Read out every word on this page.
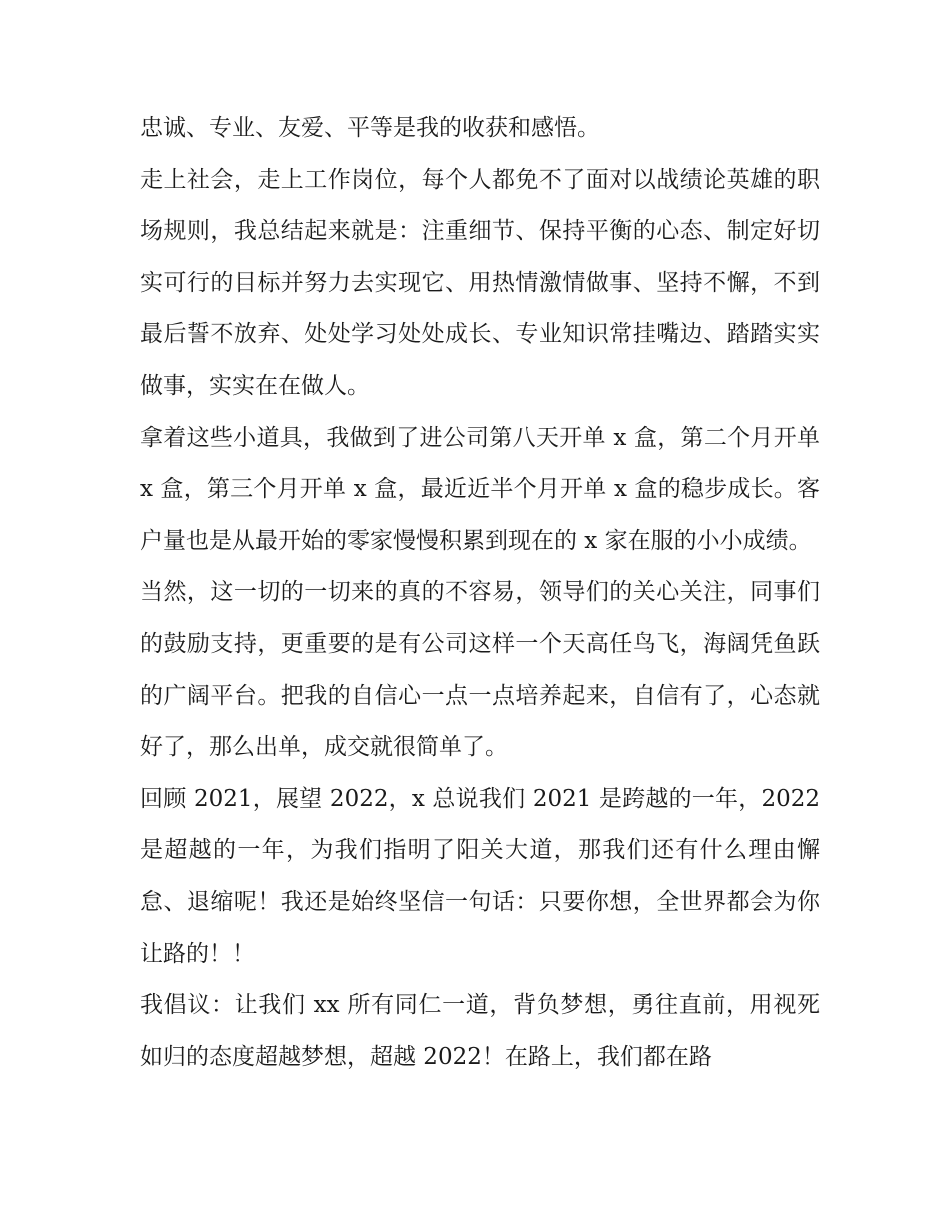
忠诚、专业、友爱、平等是我的收获和感悟。

走上社会，走上工作岗位，每个人都免不了面对以战绩论英雄的职场规则，我总结起来就是：注重细节、保持平衡的心态、制定好切实可行的目标并努力去实现它、用热情激情做事、坚持不懈，不到最后誓不放弃、处处学习处处成长、专业知识常挂嘴边、踏踏实实做事，实实在在做人。

拿着这些小道具，我做到了进公司第八天开单 x 盒，第二个月开单 x 盒，第三个月开单 x 盒，最近近半个月开单 x 盒的稳步成长。客户量也是从最开始的零家慢慢积累到现在的 x 家在服的小小成绩。

当然，这一切的一切来的真的不容易，领导们的关心关注，同事们的鼓励支持，更重要的是有公司这样一个天高任鸟飞，海阔凭鱼跃的广阔平台。把我的自信心一点一点培养起来，自信有了，心态就好了，那么出单，成交就很简单了。

回顾 2021，展望 2022，x 总说我们 2021 是跨越的一年，2022 是超越的一年，为我们指明了阳关大道，那我们还有什么理由懈怠、退缩呢！我还是始终坚信一句话：只要你想，全世界都会为你让路的！！

我倡议：让我们 xx 所有同仁一道，背负梦想，勇往直前，用视死如归的态度超越梦想，超越 2022！在路上，我们都在路
